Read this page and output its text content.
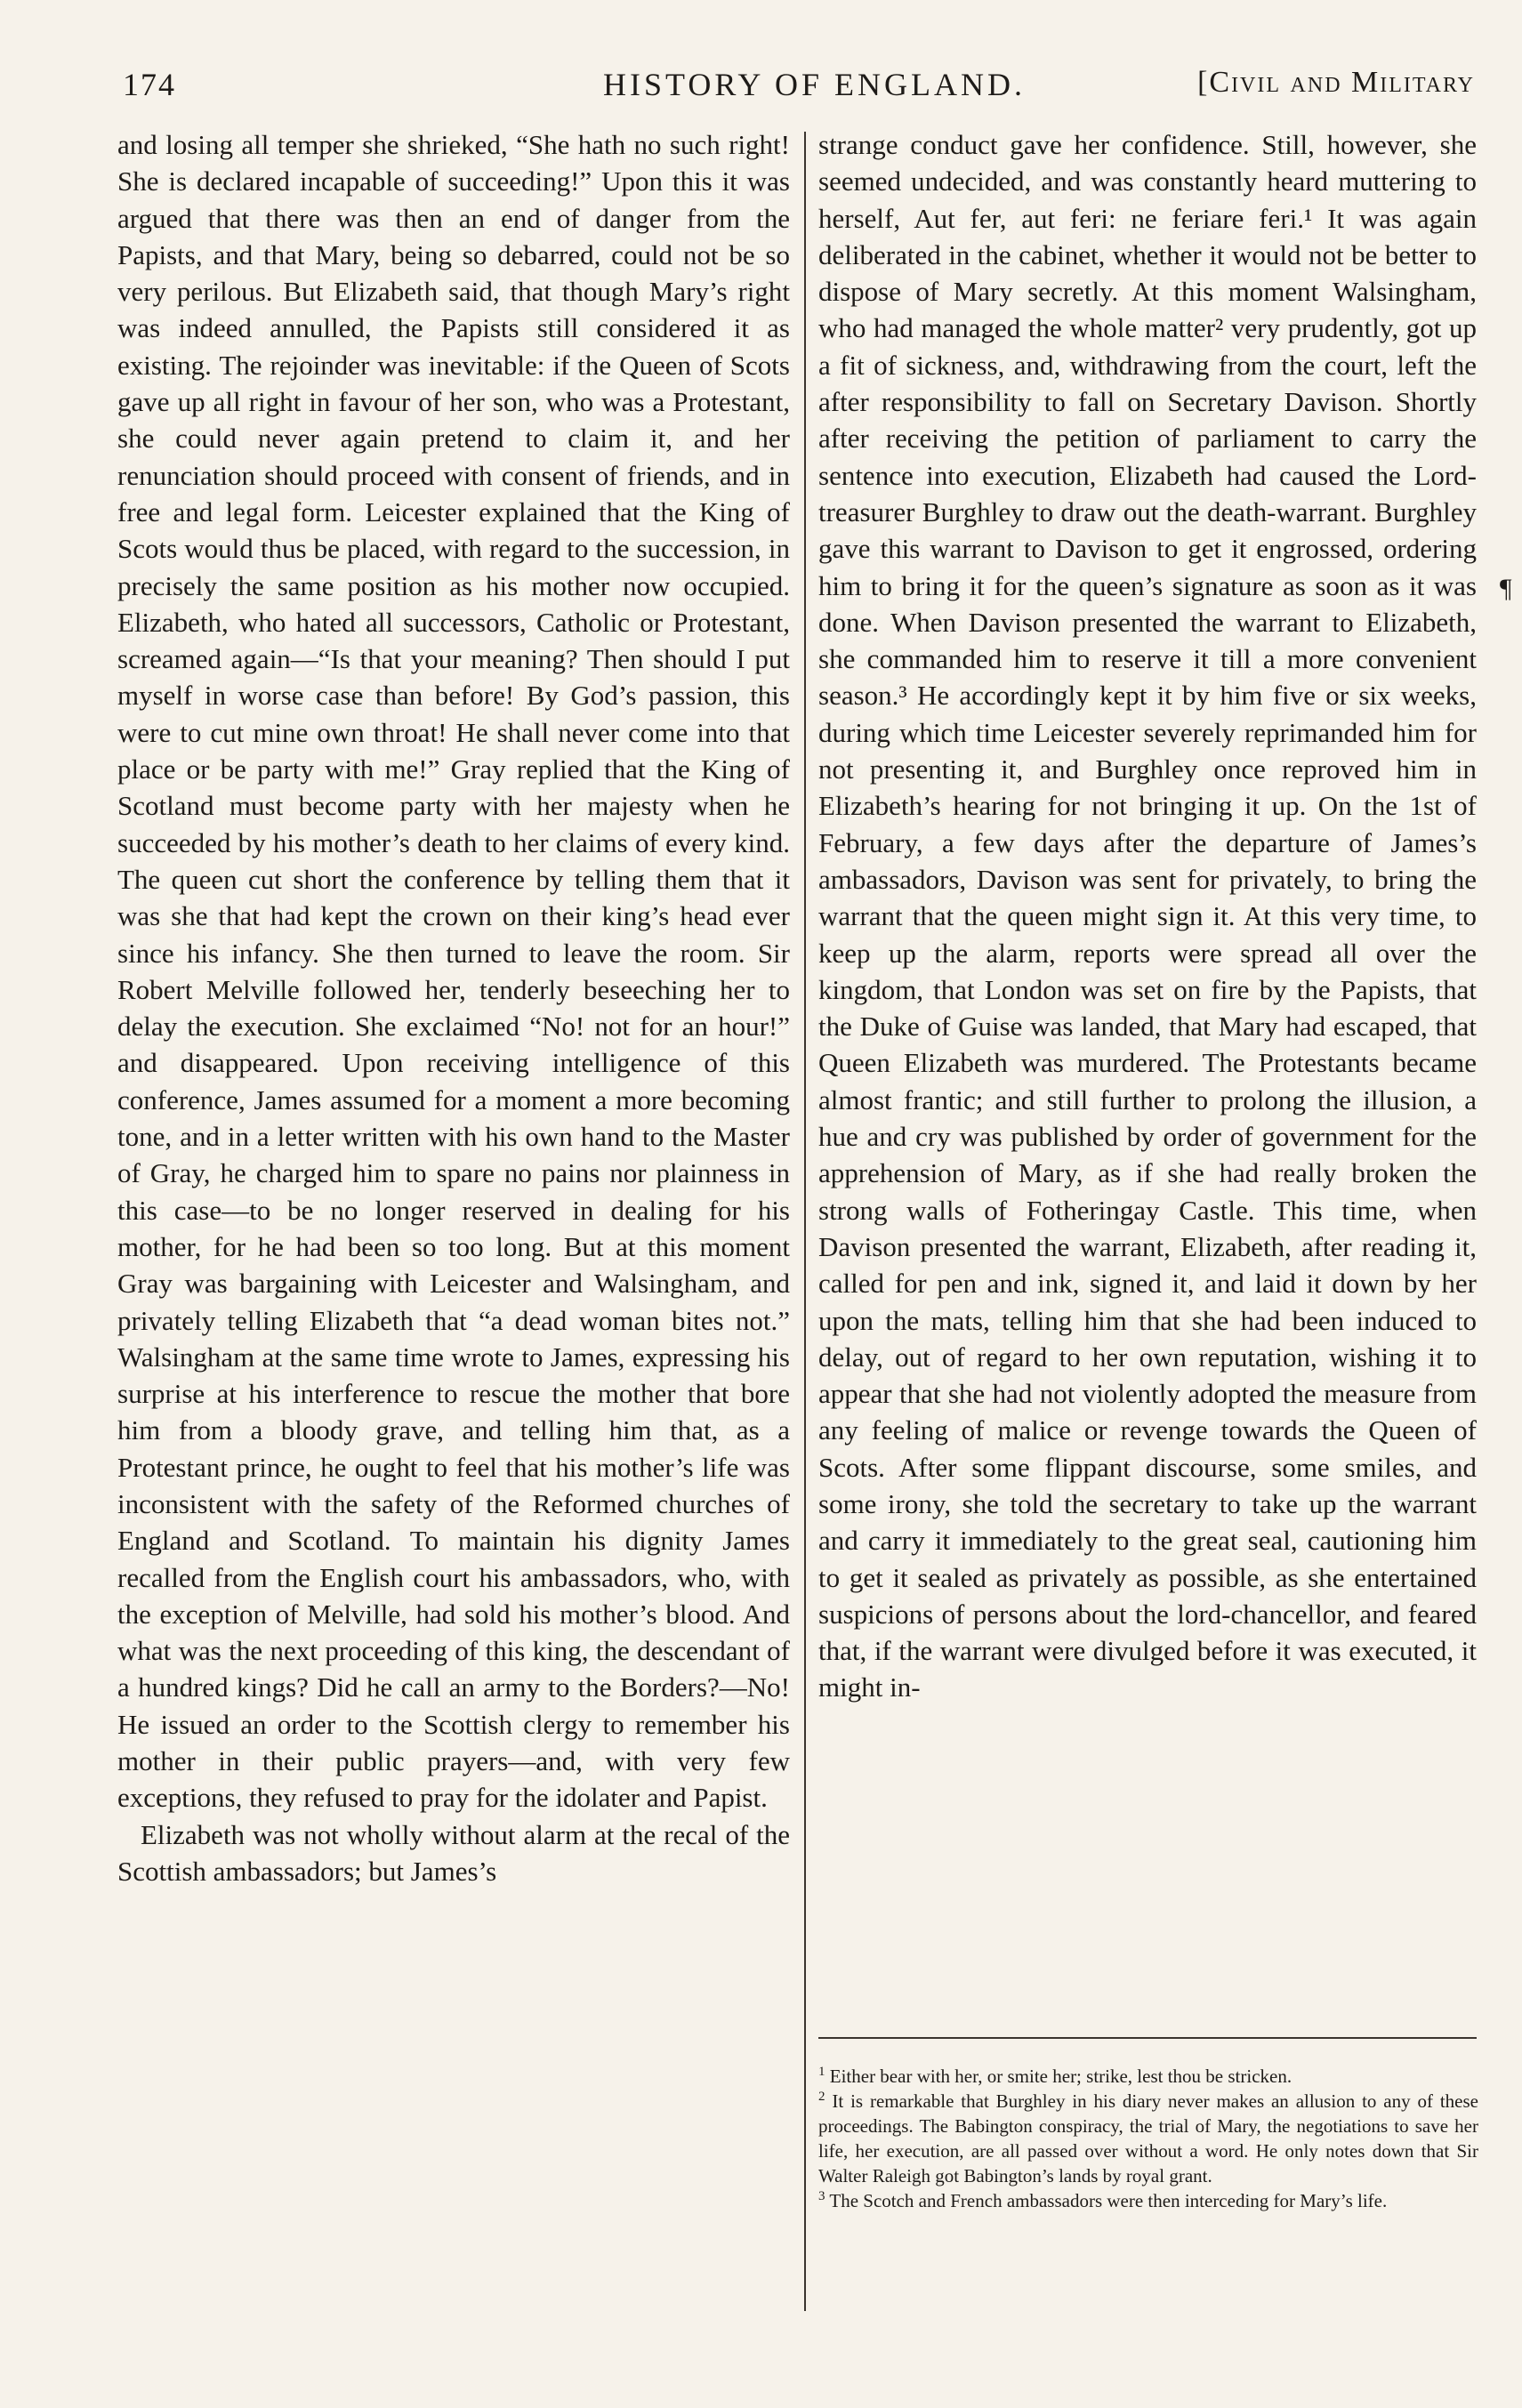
174	HISTORY OF ENGLAND.	[Civil and Military

and losing all temper she shrieked, “She hath no such right! She is declared incapable of succeeding!” Upon this it was argued that there was then an end of danger from the Papists, and that Mary, being so debarred, could not be so very perilous. But Elizabeth said, that though Mary’s right was indeed annulled, the Papists still considered it as existing. The rejoinder was inevitable: if the Queen of Scots gave up all right in favour of her son, who was a Protestant, she could never again pretend to claim it, and her renunciation should proceed with consent of friends, and in free and legal form. Leicester explained that the King of Scots would thus be placed, with regard to the succession, in precisely the same position as his mother now occupied. Elizabeth, who hated all successors, Catholic or Protestant, screamed again—“Is that your meaning? Then should I put myself in worse case than before! By God’s passion, this were to cut mine own throat! He shall never come into that place or be party with me!” Gray replied that the King of Scotland must become party with her majesty when he succeeded by his mother’s death to her claims of every kind. The queen cut short the conference by telling them that it was she that had kept the crown on their king’s head ever since his infancy. She then turned to leave the room. Sir Robert Melville followed her, tenderly beseeching her to delay the execution. She exclaimed “No! not for an hour!” and disappeared. Upon receiving intelligence of this conference, James assumed for a moment a more becoming tone, and in a letter written with his own hand to the Master of Gray, he charged him to spare no pains nor plainness in this case—to be no longer reserved in dealing for his mother, for he had been so too long. But at this moment Gray was bargaining with Leicester and Walsingham, and privately telling Elizabeth that “a dead woman bites not.” Walsingham at the same time wrote to James, expressing his surprise at his interference to rescue the mother that bore him from a bloody grave, and telling him that, as a Protestant prince, he ought to feel that his mother’s life was inconsistent with the safety of the Reformed churches of England and Scotland. To maintain his dignity James recalled from the English court his ambassadors, who, with the exception of Melville, had sold his mother’s blood. And what was the next proceeding of this king, the descendant of a hundred kings? Did he call an army to the Borders?—No! He issued an order to the Scottish clergy to remember his mother in their public prayers—and, with very few exceptions, they refused to pray for the idolater and Papist.

Elizabeth was not wholly without alarm at the recal of the Scottish ambassadors; but James’s

strange conduct gave her confidence. Still, however, she seemed undecided, and was constantly heard muttering to herself, Aut fer, aut feri: ne feriare feri.¹ It was again deliberated in the cabinet, whether it would not be better to dispose of Mary secretly. At this moment Walsingham, who had managed the whole matter² very prudently, got up a fit of sickness, and, withdrawing from the court, left the after responsibility to fall on Secretary Davison. Shortly after receiving the petition of parliament to carry the sentence into execution, Elizabeth had caused the Lord-treasurer Burghley to draw out the death-warrant. Burghley gave this warrant to Davison to get it engrossed, ordering him to bring it for the queen’s signature as soon as it was done. When Davison presented the warrant to Elizabeth, she commanded him to reserve it till a more convenient season.³ He accordingly kept it by him five or six weeks, during which time Leicester severely reprimanded him for not presenting it, and Burghley once reproved him in Elizabeth’s hearing for not bringing it up. On the 1st of February, a few days after the departure of James’s ambassadors, Davison was sent for privately, to bring the warrant that the queen might sign it. At this very time, to keep up the alarm, reports were spread all over the kingdom, that London was set on fire by the Papists, that the Duke of Guise was landed, that Mary had escaped, that Queen Elizabeth was murdered. The Protestants became almost frantic; and still further to prolong the illusion, a hue and cry was published by order of government for the apprehension of Mary, as if she had really broken the strong walls of Fotheringay Castle. This time, when Davison presented the warrant, Elizabeth, after reading it, called for pen and ink, signed it, and laid it down by her upon the mats, telling him that she had been induced to delay, out of regard to her own reputation, wishing it to appear that she had not violently adopted the measure from any feeling of malice or revenge towards the Queen of Scots. After some flippant discourse, some smiles, and some irony, she told the secretary to take up the warrant and carry it immediately to the great seal, cautioning him to get it sealed as privately as possible, as she entertained suspicions of persons about the lord-chancellor, and feared that, if the warrant were divulged before it was executed, it might in-

¶

$^1$ Either bear with her, or smite her; strike, lest thou be stricken.

$^2$ It is remarkable that Burghley in his diary never makes an allusion to any of these proceedings. The Babington conspiracy, the trial of Mary, the negotiations to save her life, her execution, are all passed over without a word. He only notes down that Sir Walter Raleigh got Babington’s lands by royal grant.

$^3$ The Scotch and French ambassadors were then interceding for Mary’s life.
